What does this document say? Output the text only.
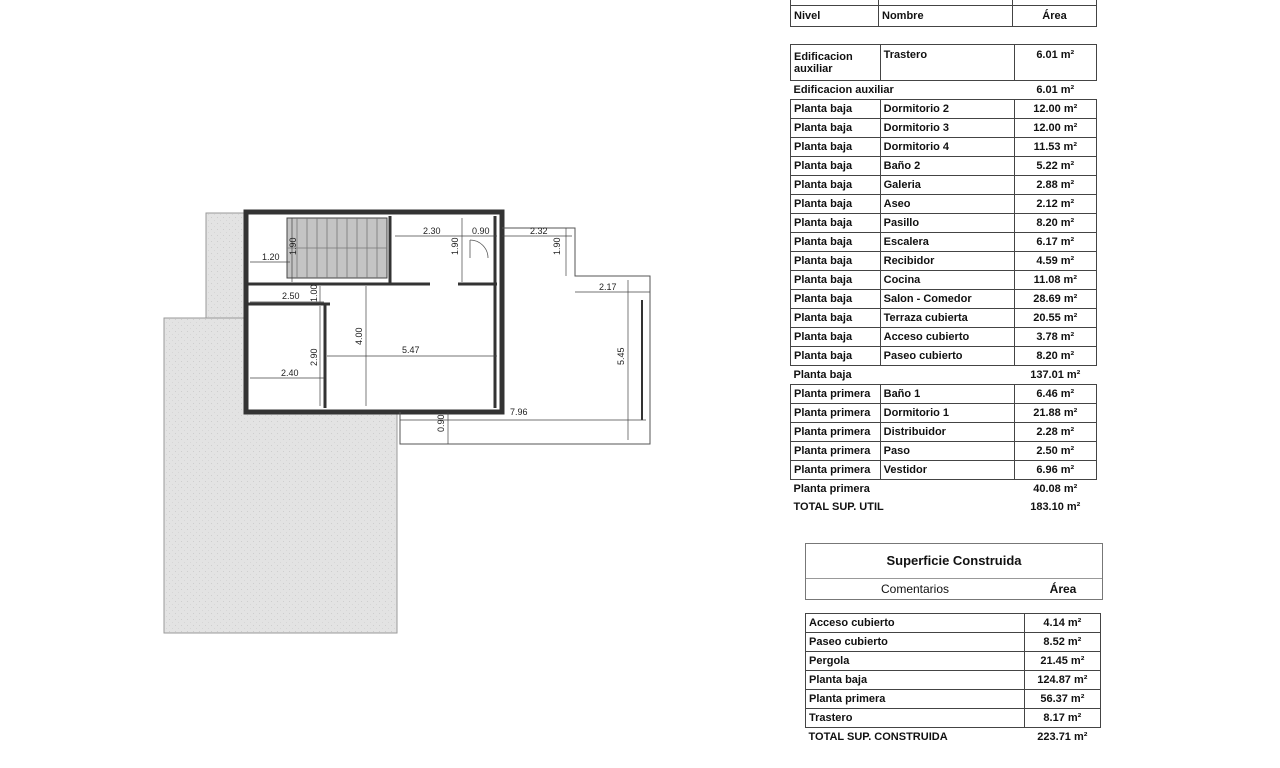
1.20
1.90
2.30	0.90
1.90
2.32
1.90
2.50 1.00	2.17
4.00
5.47	5.45
2.90
2.40
7.96
0.90

Nivel	Nombre	Área
Edificacion auxiliar	Trastero	6.01 m²
Edificacion auxiliar		6.01 m²
Planta baja	Dormitorio 2	12.00 m²
Planta baja	Dormitorio 3	12.00 m²
Planta baja	Dormitorio 4	11.53 m²
Planta baja	Baño 2	5.22 m²
Planta baja	Galeria	2.88 m²
Planta baja	Aseo	2.12 m²
Planta baja	Pasillo	8.20 m²
Planta baja	Escalera	6.17 m²
Planta baja	Recibidor	4.59 m²
Planta baja	Cocina	11.08 m²
Planta baja	Salon - Comedor	28.69 m²
Planta baja	Terraza cubierta	20.55 m²
Planta baja	Acceso cubierto	3.78 m²
Planta baja	Paseo cubierto	8.20 m²
Planta baja		137.01 m²
Planta primera	Baño 1	6.46 m²
Planta primera	Dormitorio 1	21.88 m²
Planta primera	Distribuidor	2.28 m²
Planta primera	Paso	2.50 m²
Planta primera	Vestidor	6.96 m²
Planta primera		40.08 m²
TOTAL SUP. UTIL		183.10 m²
Superficie Construida
Comentarios	Área
Acceso cubierto	4.14 m²
Paseo cubierto	8.52 m²
Pergola	21.45 m²
Planta baja	124.87 m²
Planta primera	56.37 m²
Trastero	8.17 m²
TOTAL SUP. CONSTRUIDA	223.71 m²
